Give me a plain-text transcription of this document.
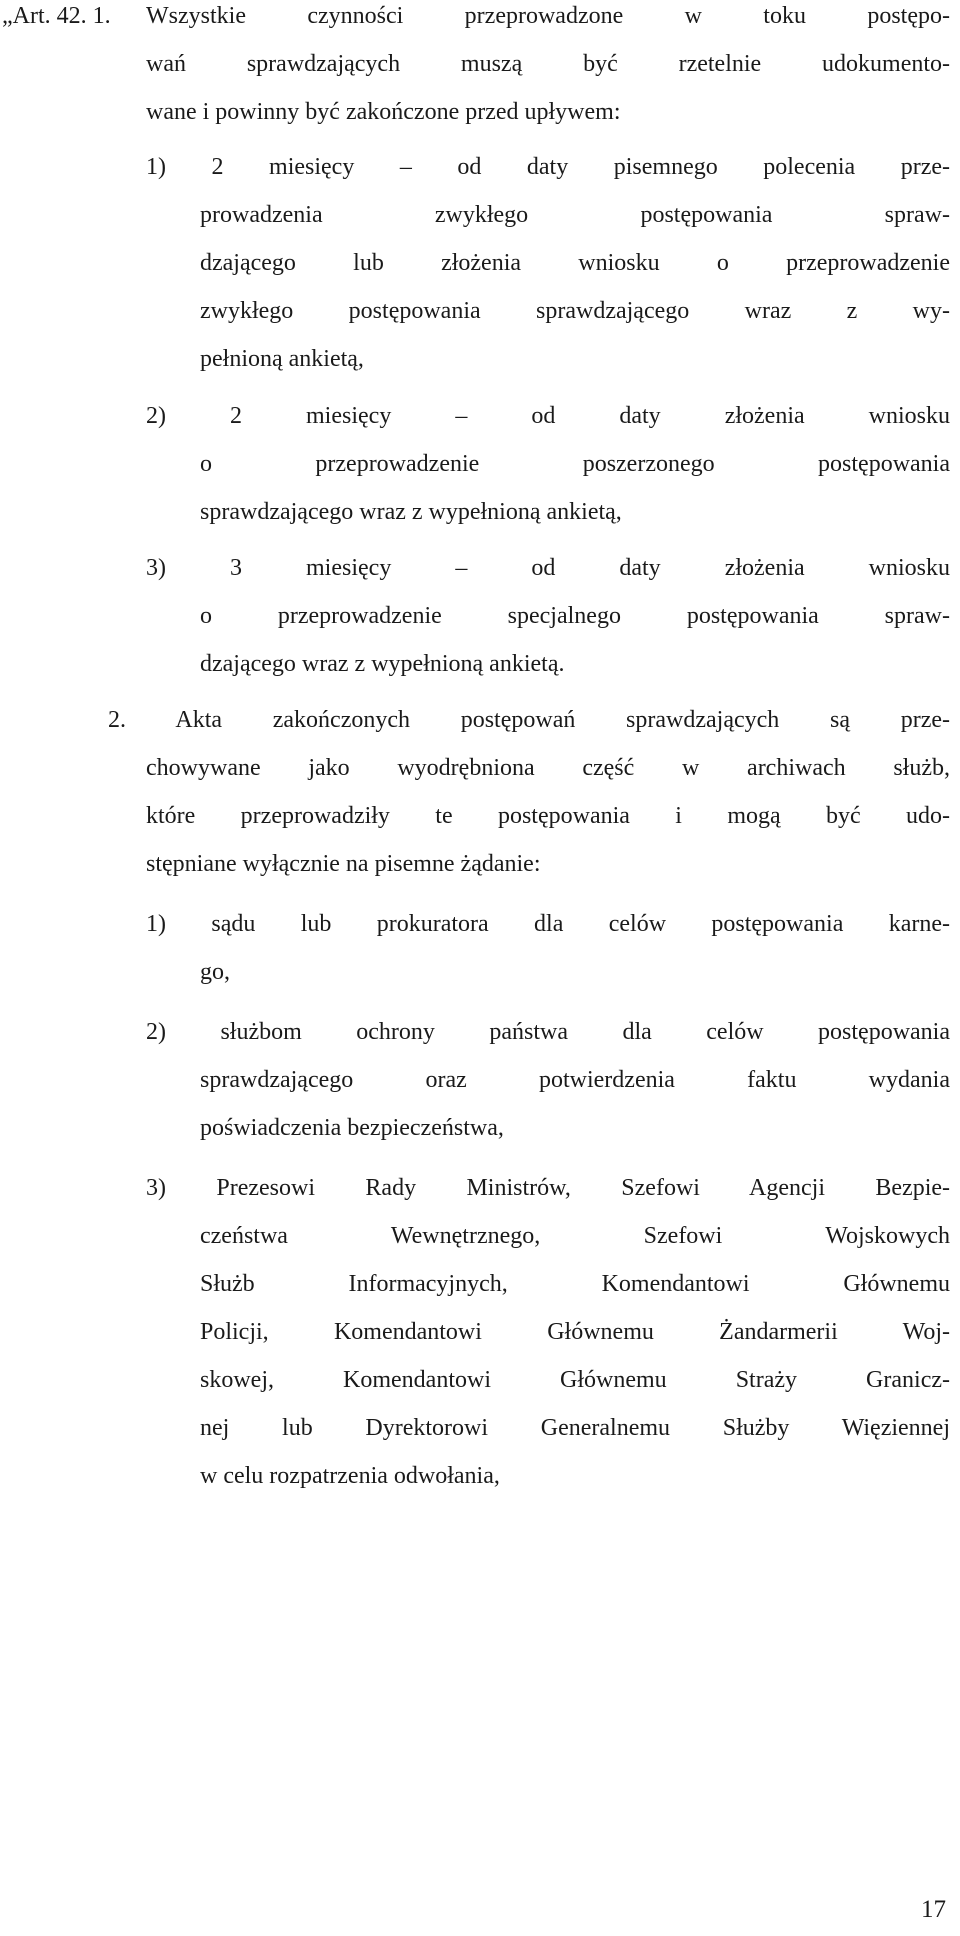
„Art. 42. 1. Wszystkie czynności przeprowadzone w toku postępo-
wań sprawdzających muszą być rzetelnie udokumento-
wane i powinny być zakończone przed upływem:
1) 2 miesięcy – od daty pisemnego polecenia prze-
prowadzenia zwykłego postępowania spraw-
dzającego lub złożenia wniosku o przeprowadzenie
zwykłego postępowania sprawdzającego wraz z wy-
pełnioną ankietą,
2) 2 miesięcy – od daty złożenia wniosku
o przeprowadzenie poszerzonego postępowania
sprawdzającego wraz z wypełnioną ankietą,
3) 3 miesięcy – od daty złożenia wniosku
o przeprowadzenie specjalnego postępowania spraw-
dzającego wraz z wypełnioną ankietą.
2. Akta zakończonych postępowań sprawdzających są prze-
chowywane jako wyodrębniona część w archiwach służb,
które przeprowadziły te postępowania i mogą być udo-
stępniane wyłącznie na pisemne żądanie:
1) sądu lub prokuratora dla celów postępowania karne-
go,
2) służbom ochrony państwa dla celów postępowania
sprawdzającego oraz potwierdzenia faktu wydania
poświadczenia bezpieczeństwa,
3) Prezesowi Rady Ministrów, Szefowi Agencji Bezpie-
czeństwa Wewnętrznego, Szefowi Wojskowych
Służb Informacyjnych, Komendantowi Głównemu
Policji, Komendantowi Głównemu Żandarmerii Woj-
skowej, Komendantowi Głównemu Straży Granicz-
nej lub Dyrektorowi Generalnemu Służby Więziennej
w celu rozpatrzenia odwołania,
17
